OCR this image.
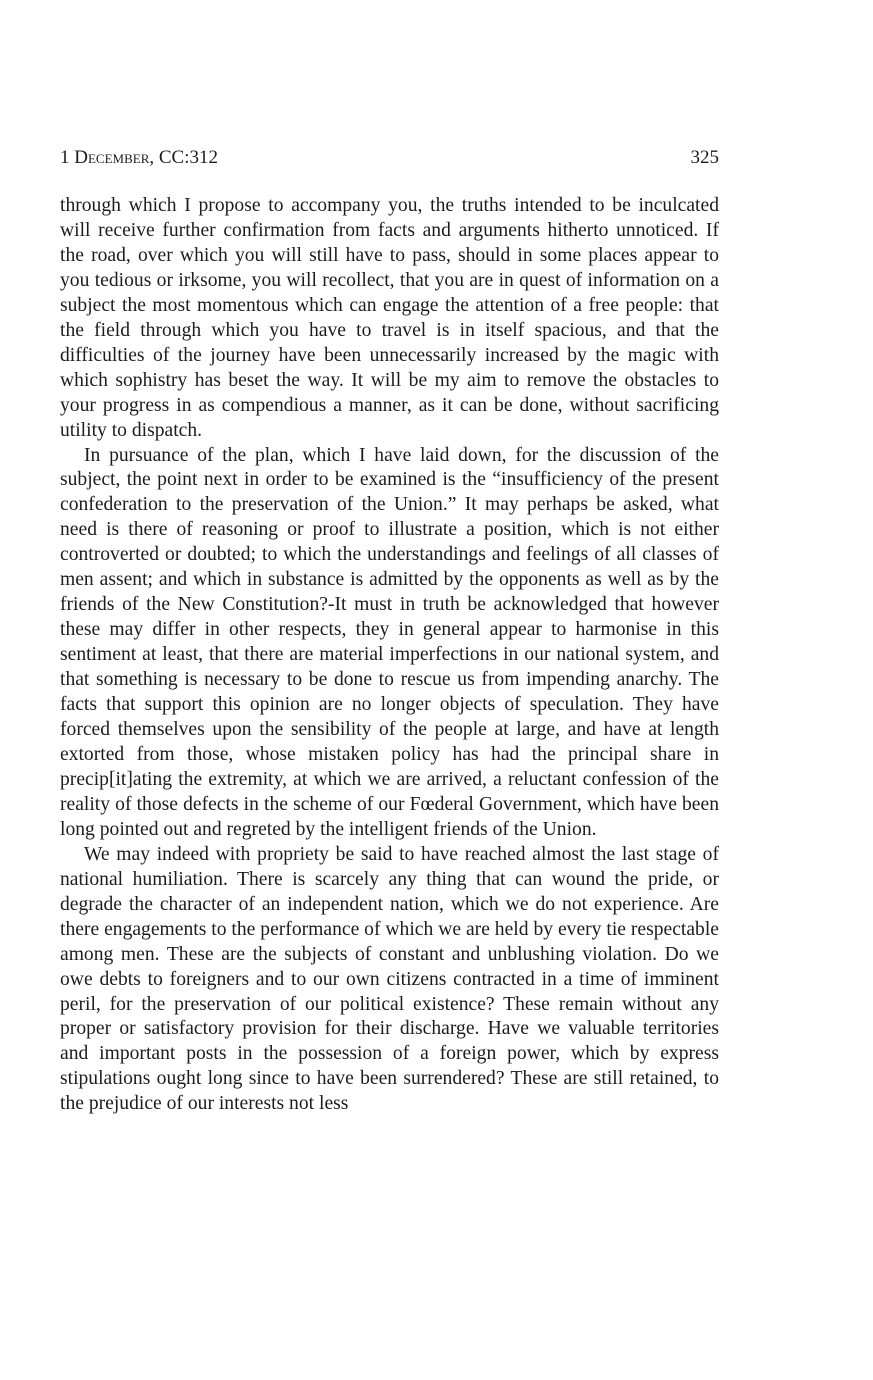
1 December, CC:312	325

through which I propose to accompany you, the truths intended to be inculcated will receive further confirmation from facts and arguments hitherto unnoticed. If the road, over which you will still have to pass, should in some places appear to you tedious or irksome, you will recollect, that you are in quest of information on a subject the most momentous which can engage the attention of a free people: that the field through which you have to travel is in itself spacious, and that the difficulties of the journey have been unnecessarily increased by the magic with which sophistry has beset the way. It will be my aim to remove the obstacles to your progress in as compendious a manner, as it can be done, without sacrificing utility to dispatch.

In pursuance of the plan, which I have laid down, for the discussion of the subject, the point next in order to be examined is the “insufficiency of the present confederation to the preservation of the Union.” It may perhaps be asked, what need is there of reasoning or proof to illustrate a position, which is not either controverted or doubted; to which the understandings and feelings of all classes of men assent; and which in substance is admitted by the opponents as well as by the friends of the New Constitution?-It must in truth be acknowledged that however these may differ in other respects, they in general appear to harmonise in this sentiment at least, that there are material imperfections in our national system, and that something is necessary to be done to rescue us from impending anarchy. The facts that support this opinion are no longer objects of speculation. They have forced themselves upon the sensibility of the people at large, and have at length extorted from those, whose mistaken policy has had the principal share in precip[it]ating the extremity, at which we are arrived, a reluctant confession of the reality of those defects in the scheme of our Fœderal Government, which have been long pointed out and regreted by the intelligent friends of the Union.

We may indeed with propriety be said to have reached almost the last stage of national humiliation. There is scarcely any thing that can wound the pride, or degrade the character of an independent nation, which we do not experience. Are there engagements to the performance of which we are held by every tie respectable among men. These are the subjects of constant and unblushing violation. Do we owe debts to foreigners and to our own citizens contracted in a time of imminent peril, for the preservation of our political existence? These remain without any proper or satisfactory provision for their discharge. Have we valuable territories and important posts in the possession of a foreign power, which by express stipulations ought long since to have been surrendered? These are still retained, to the prejudice of our interests not less
